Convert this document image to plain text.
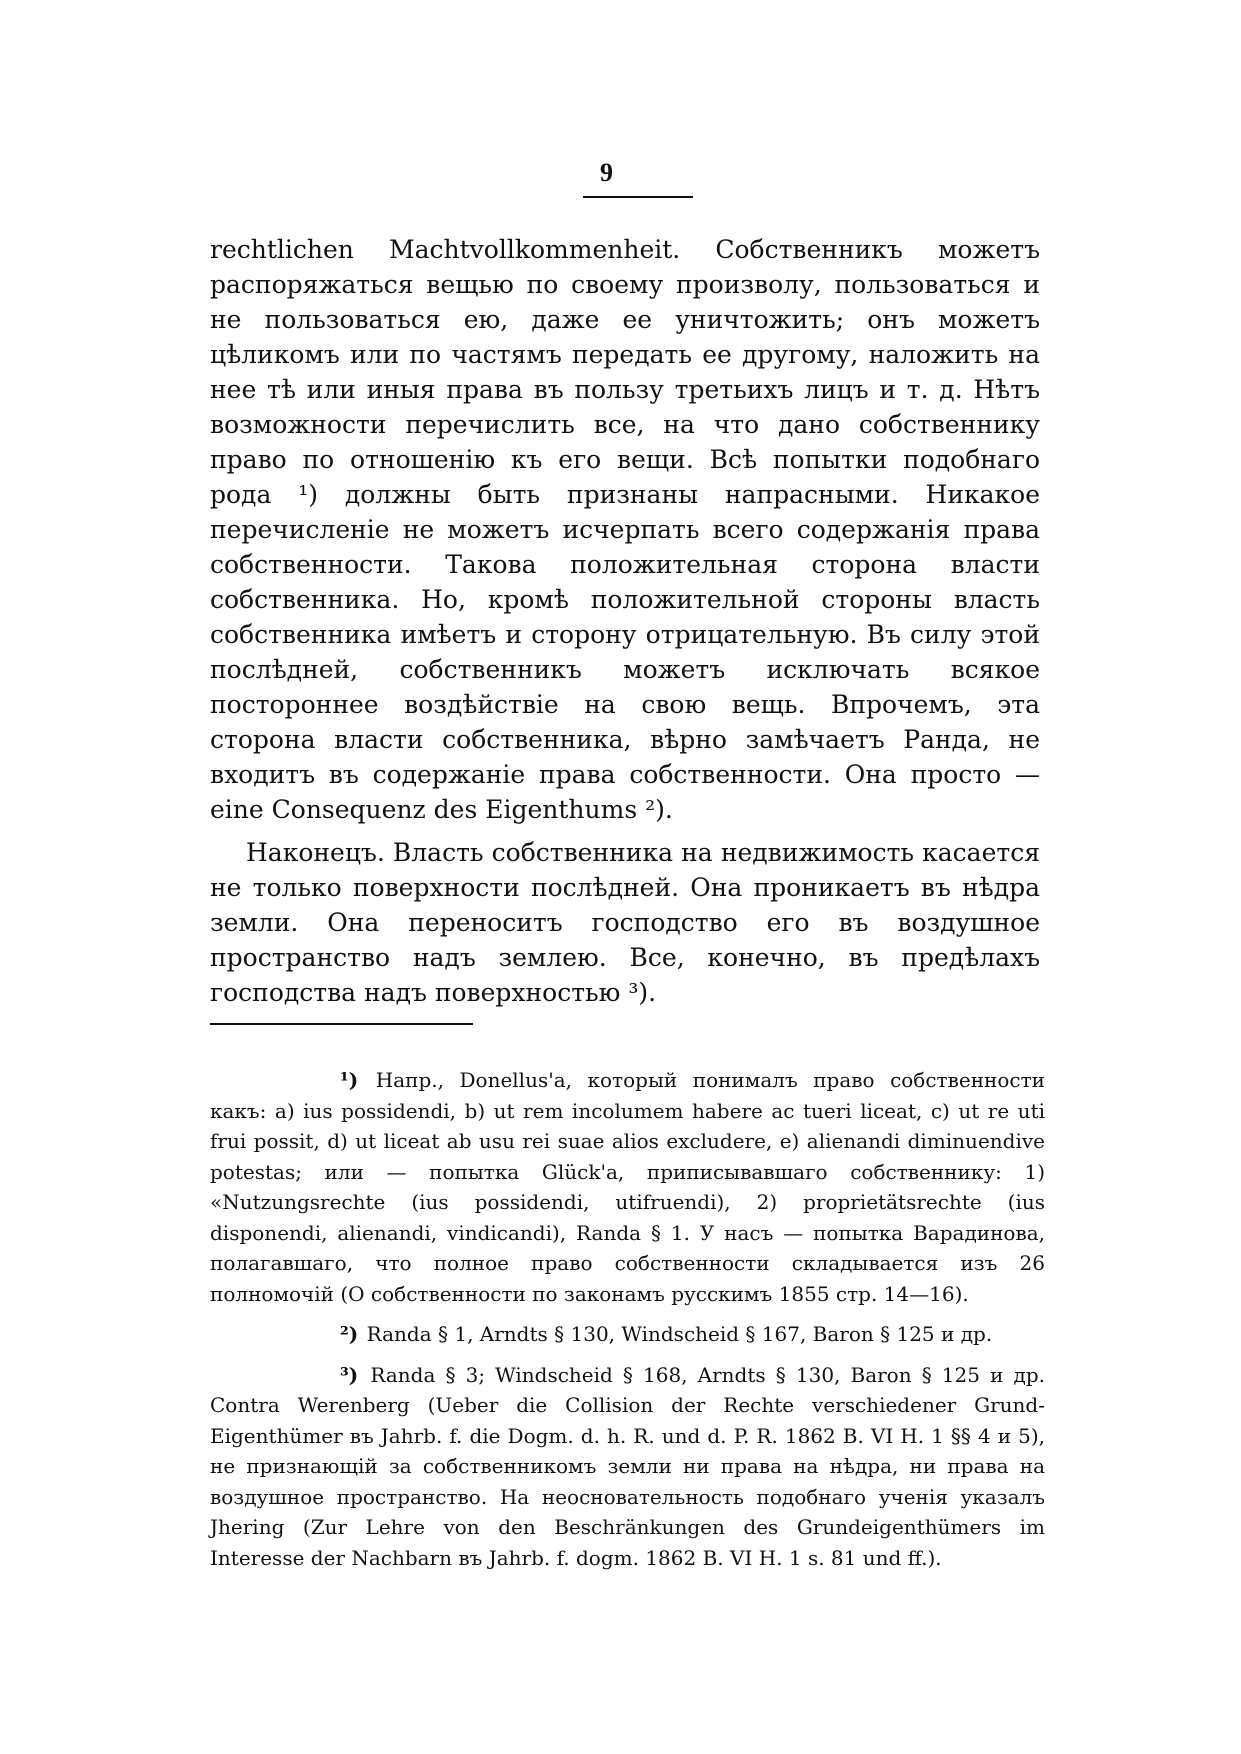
9

rechtlichen Machtvollkommenheit. Собственникъ можетъ распоряжаться вещью по своему произволу, пользоваться и не пользоваться ею, даже ее уничтожить; онъ можетъ цѣликомъ или по частямъ передать ее другому, наложить на нее тѣ или иныя права въ пользу третьихъ лицъ и т. д. Нѣтъ возможности перечислить все, на что дано собственнику право по отношенію къ его вещи. Всѣ попытки подобнаго рода ¹) должны быть признаны напрасными. Никакое перечисленіе не можетъ исчерпать всего содержанія права собственности. Такова положительная сторона власти собственника. Но, кромѣ положительной стороны власть собственника имѣетъ и сторону отрицательную. Въ силу этой послѣдней, собственникъ можетъ исключать всякое постороннее воздѣйствіе на свою вещь. Впрочемъ, эта сторона власти собственника, вѣрно замѣчаетъ Ранда, не входитъ въ содержаніе права собственности. Она просто — eine Consequenz des Eigenthums ²).

Наконецъ. Власть собственника на недвижимость касается не только поверхности послѣдней. Она проникаетъ въ нѣдра земли. Она переноситъ господство его въ воздушное пространство надъ землею. Все, конечно, въ предѣлахъ господства надъ поверхностью ³).

¹) Напр., Donellus'а, который понималъ право собственности какъ: a) ius possidendi, b) ut rem incolumem habere ac tueri liceat, c) ut re uti frui possit, d) ut liceat ab usu rei suae alios excludere, e) alienandi diminuendive potestas; или — попытка Glück'а, приписывавшаго собственнику: 1) «Nutzungsrechte (ius possidendi, utifruendi), 2) proprietätsrechte (ius disponendi, alienandi, vindicandi), Randa § 1. У насъ — попытка Варадинова, полагавшаго, что полное право собственности складывается изъ 26 полномочій (О собственности по законамъ русскимъ 1855 стр. 14—16).

²) Randa § 1, Arndts § 130, Windscheid § 167, Baron § 125 и др.

³) Randa § 3; Windscheid § 168, Arndts § 130, Baron § 125 и др. Contra Werenberg (Ueber die Collision der Rechte verschiedener Grund-Eigenthümer въ Jahrb. f. die Dogm. d. h. R. und d. P. R. 1862 B. VI H. 1 §§ 4 и 5), не признающій за собственникомъ земли ни права на нѣдра, ни права на воздушное пространство. На неосновательность подобнаго ученія указалъ Jhering (Zur Lehre von den Beschränkungen des Grundeigenthümers im Interesse der Nachbarn въ Jahrb. f. dogm. 1862 B. VI H. 1 s. 81 und ff.).
